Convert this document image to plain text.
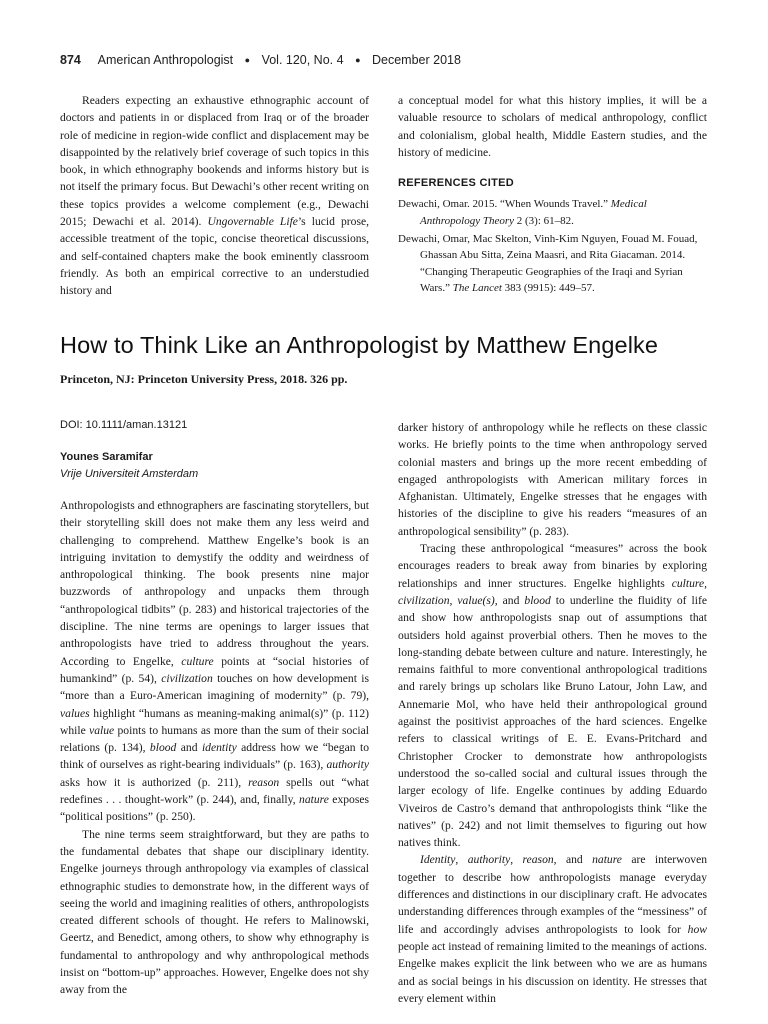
874 American Anthropologist ● Vol. 120, No. 4 ● December 2018

Readers expecting an exhaustive ethnographic account of doctors and patients in or displaced from Iraq or of the broader role of medicine in region-wide conflict and displacement may be disappointed by the relatively brief coverage of such topics in this book, in which ethnography bookends and informs history but is not itself the primary focus. But Dewachi’s other recent writing on these topics provides a welcome complement (e.g., Dewachi 2015; Dewachi et al. 2014). Ungovernable Life’s lucid prose, accessible treatment of the topic, concise theoretical discussions, and self-contained chapters make the book eminently classroom friendly. As both an empirical corrective to an understudied history and

a conceptual model for what this history implies, it will be a valuable resource to scholars of medical anthropology, conflict and colonialism, global health, Middle Eastern studies, and the history of medicine.

REFERENCES CITED
Dewachi, Omar. 2015. “When Wounds Travel.” Medical Anthropology Theory 2 (3): 61–82.
Dewachi, Omar, Mac Skelton, Vinh-Kim Nguyen, Fouad M. Fouad, Ghassan Abu Sitta, Zeina Maasri, and Rita Giacaman. 2014. “Changing Therapeutic Geographies of the Iraqi and Syrian Wars.” The Lancet 383 (9915): 449–57.
How to Think Like an Anthropologist by Matthew Engelke
Princeton, NJ: Princeton University Press, 2018. 326 pp.
DOI: 10.1111/aman.13121
Younes Saramifar
Vrije Universiteit Amsterdam

Anthropologists and ethnographers are fascinating storytellers, but their storytelling skill does not make them any less weird and challenging to comprehend. Matthew Engelke’s book is an intriguing invitation to demystify the oddity and weirdness of anthropological thinking. The book presents nine major buzzwords of anthropology and unpacks them through “anthropological tidbits” (p. 283) and historical trajectories of the discipline. The nine terms are openings to larger issues that anthropologists have tried to address throughout the years. According to Engelke, culture points at “social histories of humankind” (p. 54), civilization touches on how development is “more than a Euro-American imagining of modernity” (p. 79), values highlight “humans as meaning-making animal(s)” (p. 112) while value points to humans as more than the sum of their social relations (p. 134), blood and identity address how we “began to think of ourselves as right-bearing individuals” (p. 163), authority asks how it is authorized (p. 211), reason spells out “what redefines . . . thought-work” (p. 244), and, finally, nature exposes “political positions” (p. 250).

The nine terms seem straightforward, but they are paths to the fundamental debates that shape our disciplinary identity. Engelke journeys through anthropology via examples of classical ethnographic studies to demonstrate how, in the different ways of seeing the world and imagining realities of others, anthropologists created different schools of thought. He refers to Malinowski, Geertz, and Benedict, among others, to show why ethnography is fundamental to anthropology and why anthropological methods insist on “bottom-up” approaches. However, Engelke does not shy away from the

darker history of anthropology while he reflects on these classic works. He briefly points to the time when anthropology served colonial masters and brings up the more recent embedding of engaged anthropologists with American military forces in Afghanistan. Ultimately, Engelke stresses that he engages with histories of the discipline to give his readers “measures of an anthropological sensibility” (p. 283).

Tracing these anthropological “measures” across the book encourages readers to break away from binaries by exploring relationships and inner structures. Engelke highlights culture, civilization, value(s), and blood to underline the fluidity of life and show how anthropologists snap out of assumptions that outsiders hold against proverbial others. Then he moves to the long-standing debate between culture and nature. Interestingly, he remains faithful to more conventional anthropological traditions and rarely brings up scholars like Bruno Latour, John Law, and Annemarie Mol, who have held their anthropological ground against the positivist approaches of the hard sciences. Engelke refers to classical writings of E. E. Evans-Pritchard and Christopher Crocker to demonstrate how anthropologists understood the so-called social and cultural issues through the larger ecology of life. Engelke continues by adding Eduardo Viveiros de Castro’s demand that anthropologists think “like the natives” (p. 242) and not limit themselves to figuring out how natives think.

Identity, authority, reason, and nature are interwoven together to describe how anthropologists manage everyday differences and distinctions in our disciplinary craft. He advocates understanding differences through examples of the “messiness” of life and accordingly advises anthropologists to look for how people act instead of remaining limited to the meanings of actions. Engelke makes explicit the link between who we are as humans and as social beings in his discussion on identity. He stresses that every element within
